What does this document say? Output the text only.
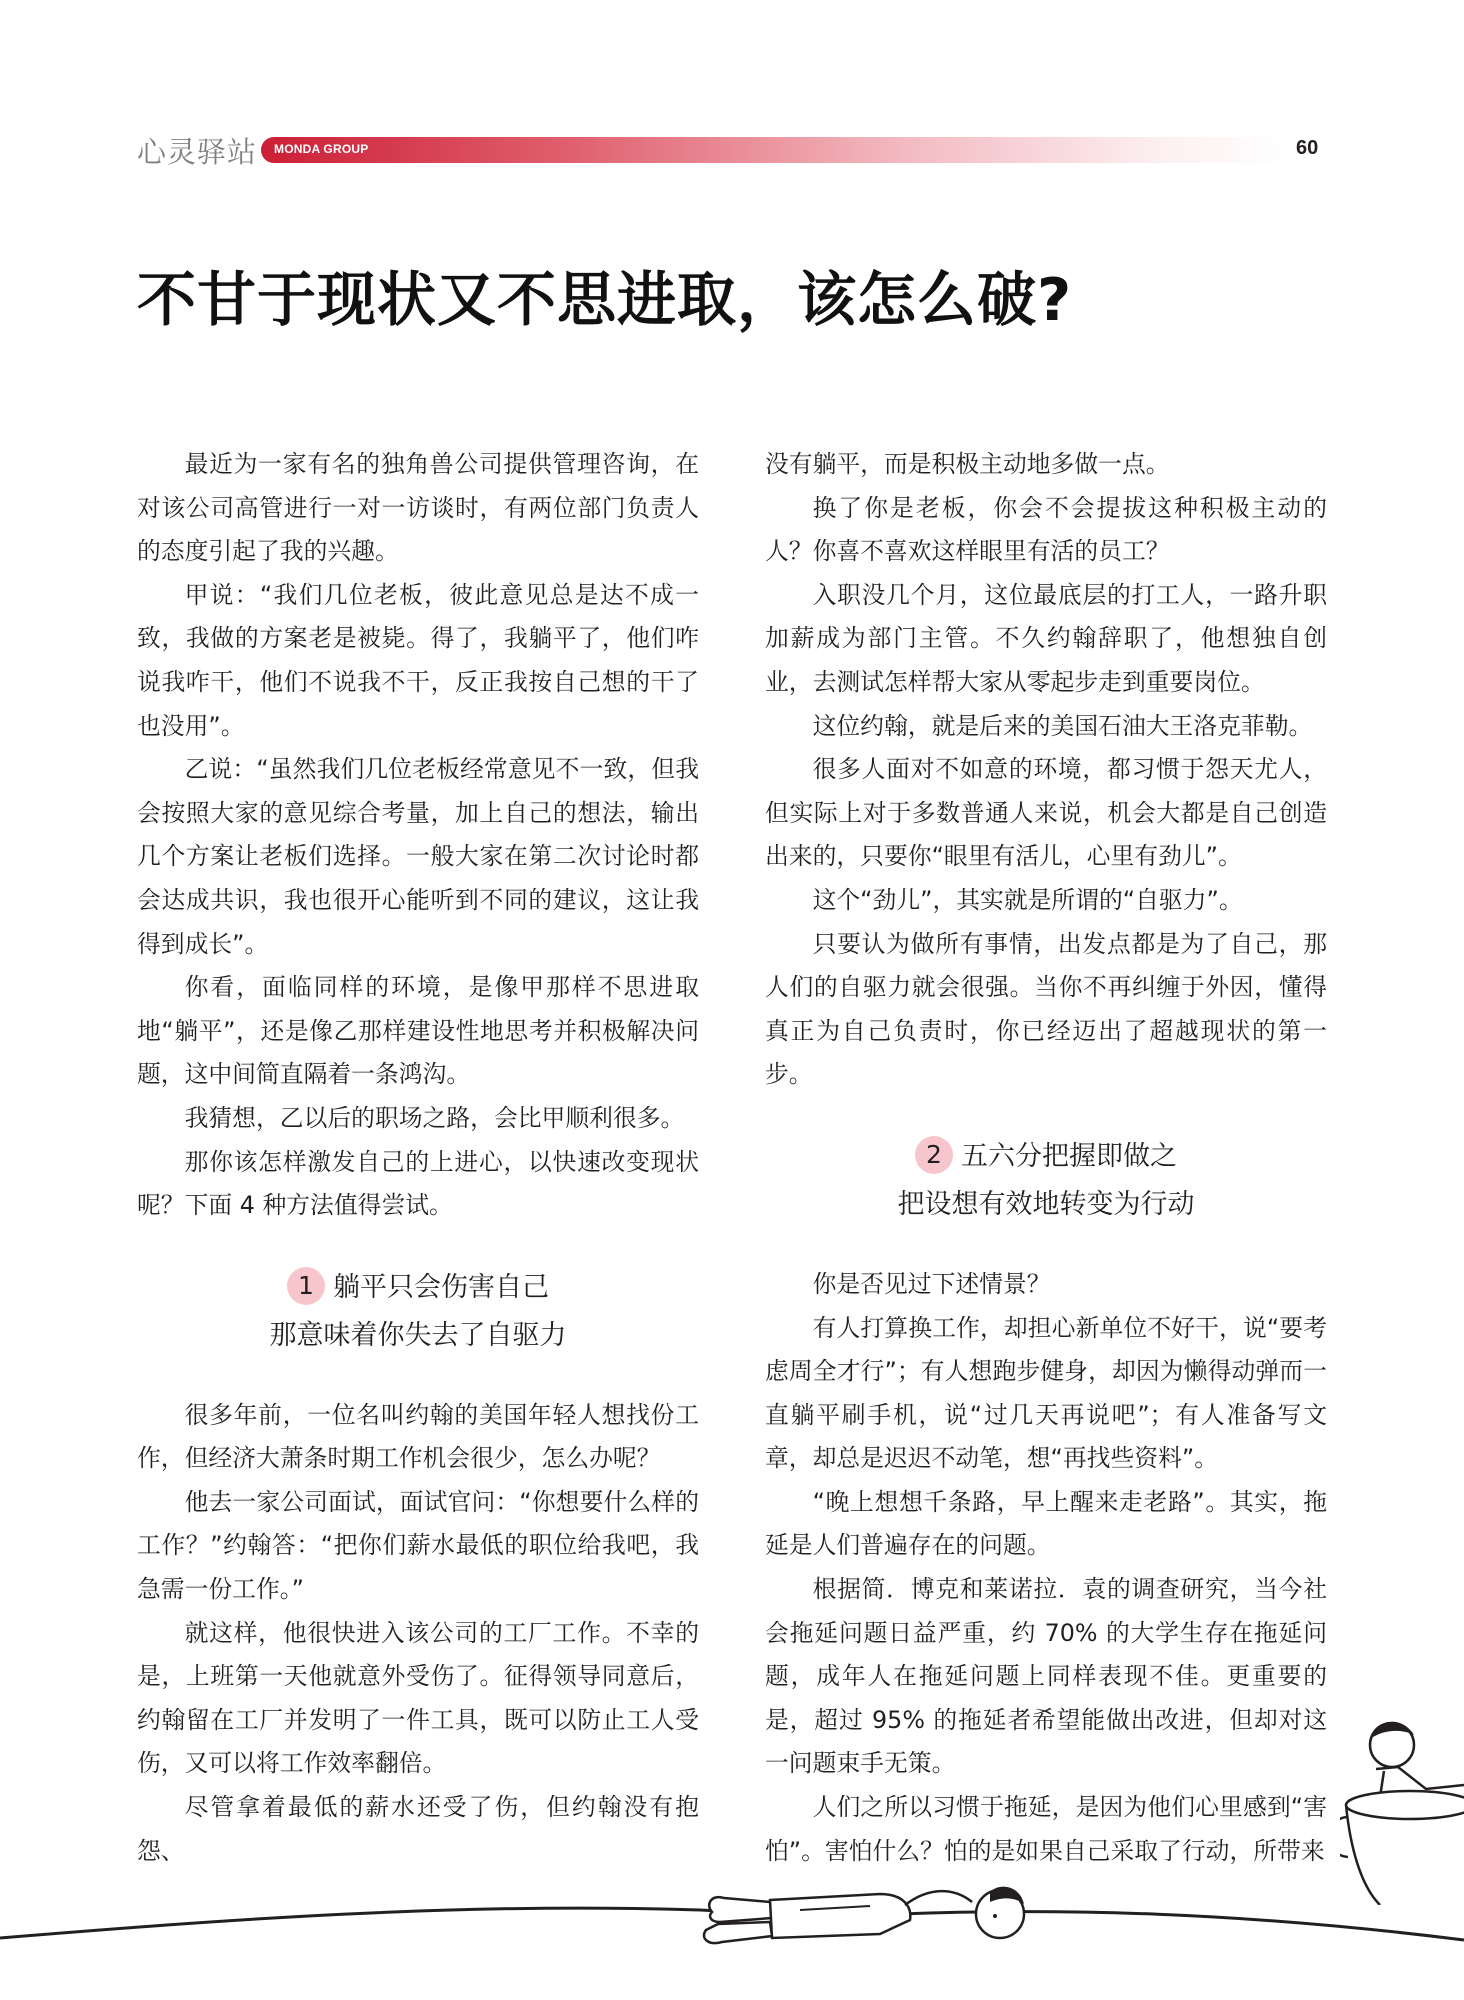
心灵驿站 MONDA GROUP	60
不甘于现状又不思进取，该怎么破?

最近为一家有名的独角兽公司提供管理咨询，在对该公司高管进行一对一访谈时，有两位部门负责人的态度引起了我的兴趣。

甲说：“我们几位老板，彼此意见总是达不成一致，我做的方案老是被毙。得了，我躺平了，他们咋说我咋干，他们不说我不干，反正我按自己想的干了也没用”。

乙说：“虽然我们几位老板经常意见不一致，但我会按照大家的意见综合考量，加上自己的想法，输出几个方案让老板们选择。一般大家在第二次讨论时都会达成共识，我也很开心能听到不同的建议，这让我得到成长”。

你看，面临同样的环境，是像甲那样不思进取地“躺平”，还是像乙那样建设性地思考并积极解决问题，这中间简直隔着一条鸿沟。

我猜想，乙以后的职场之路，会比甲顺利很多。

那你该怎样激发自己的上进心，以快速改变现状呢？下面 4 种方法值得尝试。

1 躺平只会伤害自己
那意味着你失去了自驱力

很多年前，一位名叫约翰的美国年轻人想找份工作，但经济大萧条时期工作机会很少，怎么办呢？

他去一家公司面试，面试官问：“你想要什么样的工作？”约翰答：“把你们薪水最低的职位给我吧，我急需一份工作。”

就这样，他很快进入该公司的工厂工作。不幸的是，上班第一天他就意外受伤了。征得领导同意后，约翰留在工厂并发明了一件工具，既可以防止工人受伤，又可以将工作效率翻倍。

尽管拿着最低的薪水还受了伤，但约翰没有抱怨、

没有躺平，而是积极主动地多做一点。

换了你是老板，你会不会提拔这种积极主动的人？你喜不喜欢这样眼里有活的员工？

入职没几个月，这位最底层的打工人，一路升职加薪成为部门主管。不久约翰辞职了，他想独自创业，去测试怎样帮大家从零起步走到重要岗位。

这位约翰，就是后来的美国石油大王洛克菲勒。

很多人面对不如意的环境，都习惯于怨天尤人，但实际上对于多数普通人来说，机会大都是自己创造出来的，只要你“眼里有活儿，心里有劲儿”。

这个“劲儿”，其实就是所谓的“自驱力”。

只要认为做所有事情，出发点都是为了自己，那人们的自驱力就会很强。当你不再纠缠于外因，懂得真正为自己负责时，你已经迈出了超越现状的第一步。

2 五六分把握即做之
把设想有效地转变为行动

你是否见过下述情景？

有人打算换工作，却担心新单位不好干，说“要考虑周全才行”；有人想跑步健身，却因为懒得动弹而一直躺平刷手机，说“过几天再说吧”；有人准备写文章，却总是迟迟不动笔，想“再找些资料”。

“晚上想想千条路，早上醒来走老路”。其实，拖延是人们普遍存在的问题。

根据简．博克和莱诺拉．袁的调查研究，当今社会拖延问题日益严重，约 70% 的大学生存在拖延问题，成年人在拖延问题上同样表现不佳。更重要的是，超过 95% 的拖延者希望能做出改进，但却对这一问题束手无策。

人们之所以习惯于拖延，是因为他们心里感到“害怕”。害怕什么？怕的是如果自己采取了行动，所带来
